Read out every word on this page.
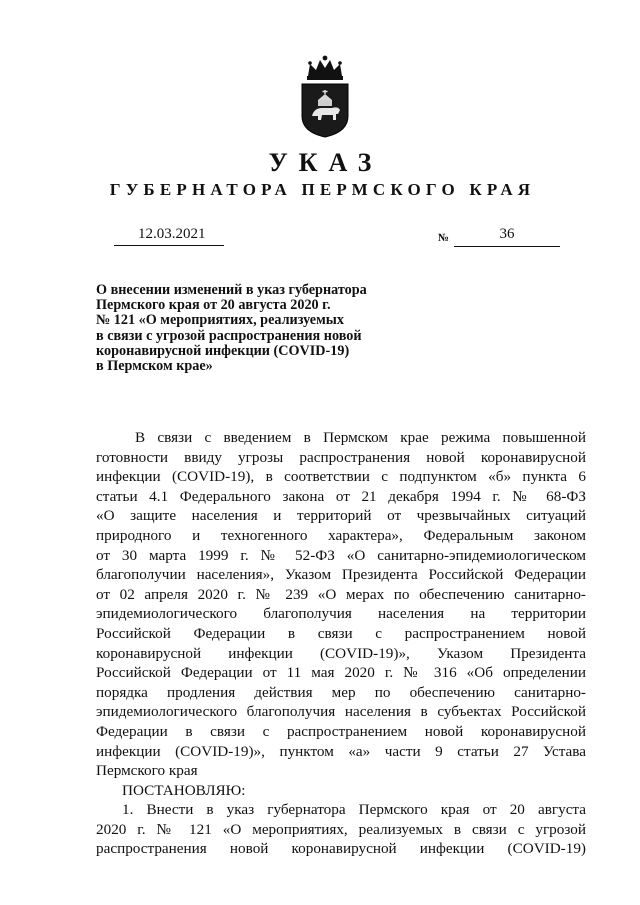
УКАЗ
ГУБЕРНАТОРА ПЕРМСКОГО КРАЯ
12.03.2021	№	36
О внесении изменений в указ губернатора
Пермского края от 20 августа 2020 г.
№ 121 «О мероприятиях, реализуемых
в связи с угрозой распространения новой
коронавирусной инфекции (COVID-19)
в Пермском крае»
В связи с введением в Пермском крае режима повышенной
готовности ввиду угрозы распространения новой коронавирусной
инфекции (COVID-19), в соответствии с подпунктом «б» пункта 6
статьи 4.1 Федерального закона от 21 декабря 1994 г. № 68-ФЗ
«О защите населения и территорий от чрезвычайных ситуаций
природного и техногенного характера», Федеральным законом
от 30 марта 1999 г. № 52-ФЗ «О санитарно-эпидемиологическом
благополучии населения», Указом Президента Российской Федерации
от 02 апреля 2020 г. № 239 «О мерах по обеспечению санитарно-
эпидемиологического благополучия населения на территории
Российской Федерации в связи с распространением новой
коронавирусной инфекции (COVID-19)», Указом Президента
Российской Федерации от 11 мая 2020 г. № 316 «Об определении
порядка продления действия мер по обеспечению санитарно-
эпидемиологического благополучия населения в субъектах Российской
Федерации в связи с распространением новой коронавирусной
инфекции (COVID-19)», пунктом «а» части 9 статьи 27 Устава
Пермского края
ПОСТАНОВЛЯЮ:
1. Внести в указ губернатора Пермского края от 20 августа
2020 г. № 121 «О мероприятиях, реализуемых в связи с угрозой
распространения новой коронавирусной инфекции (COVID-19)
